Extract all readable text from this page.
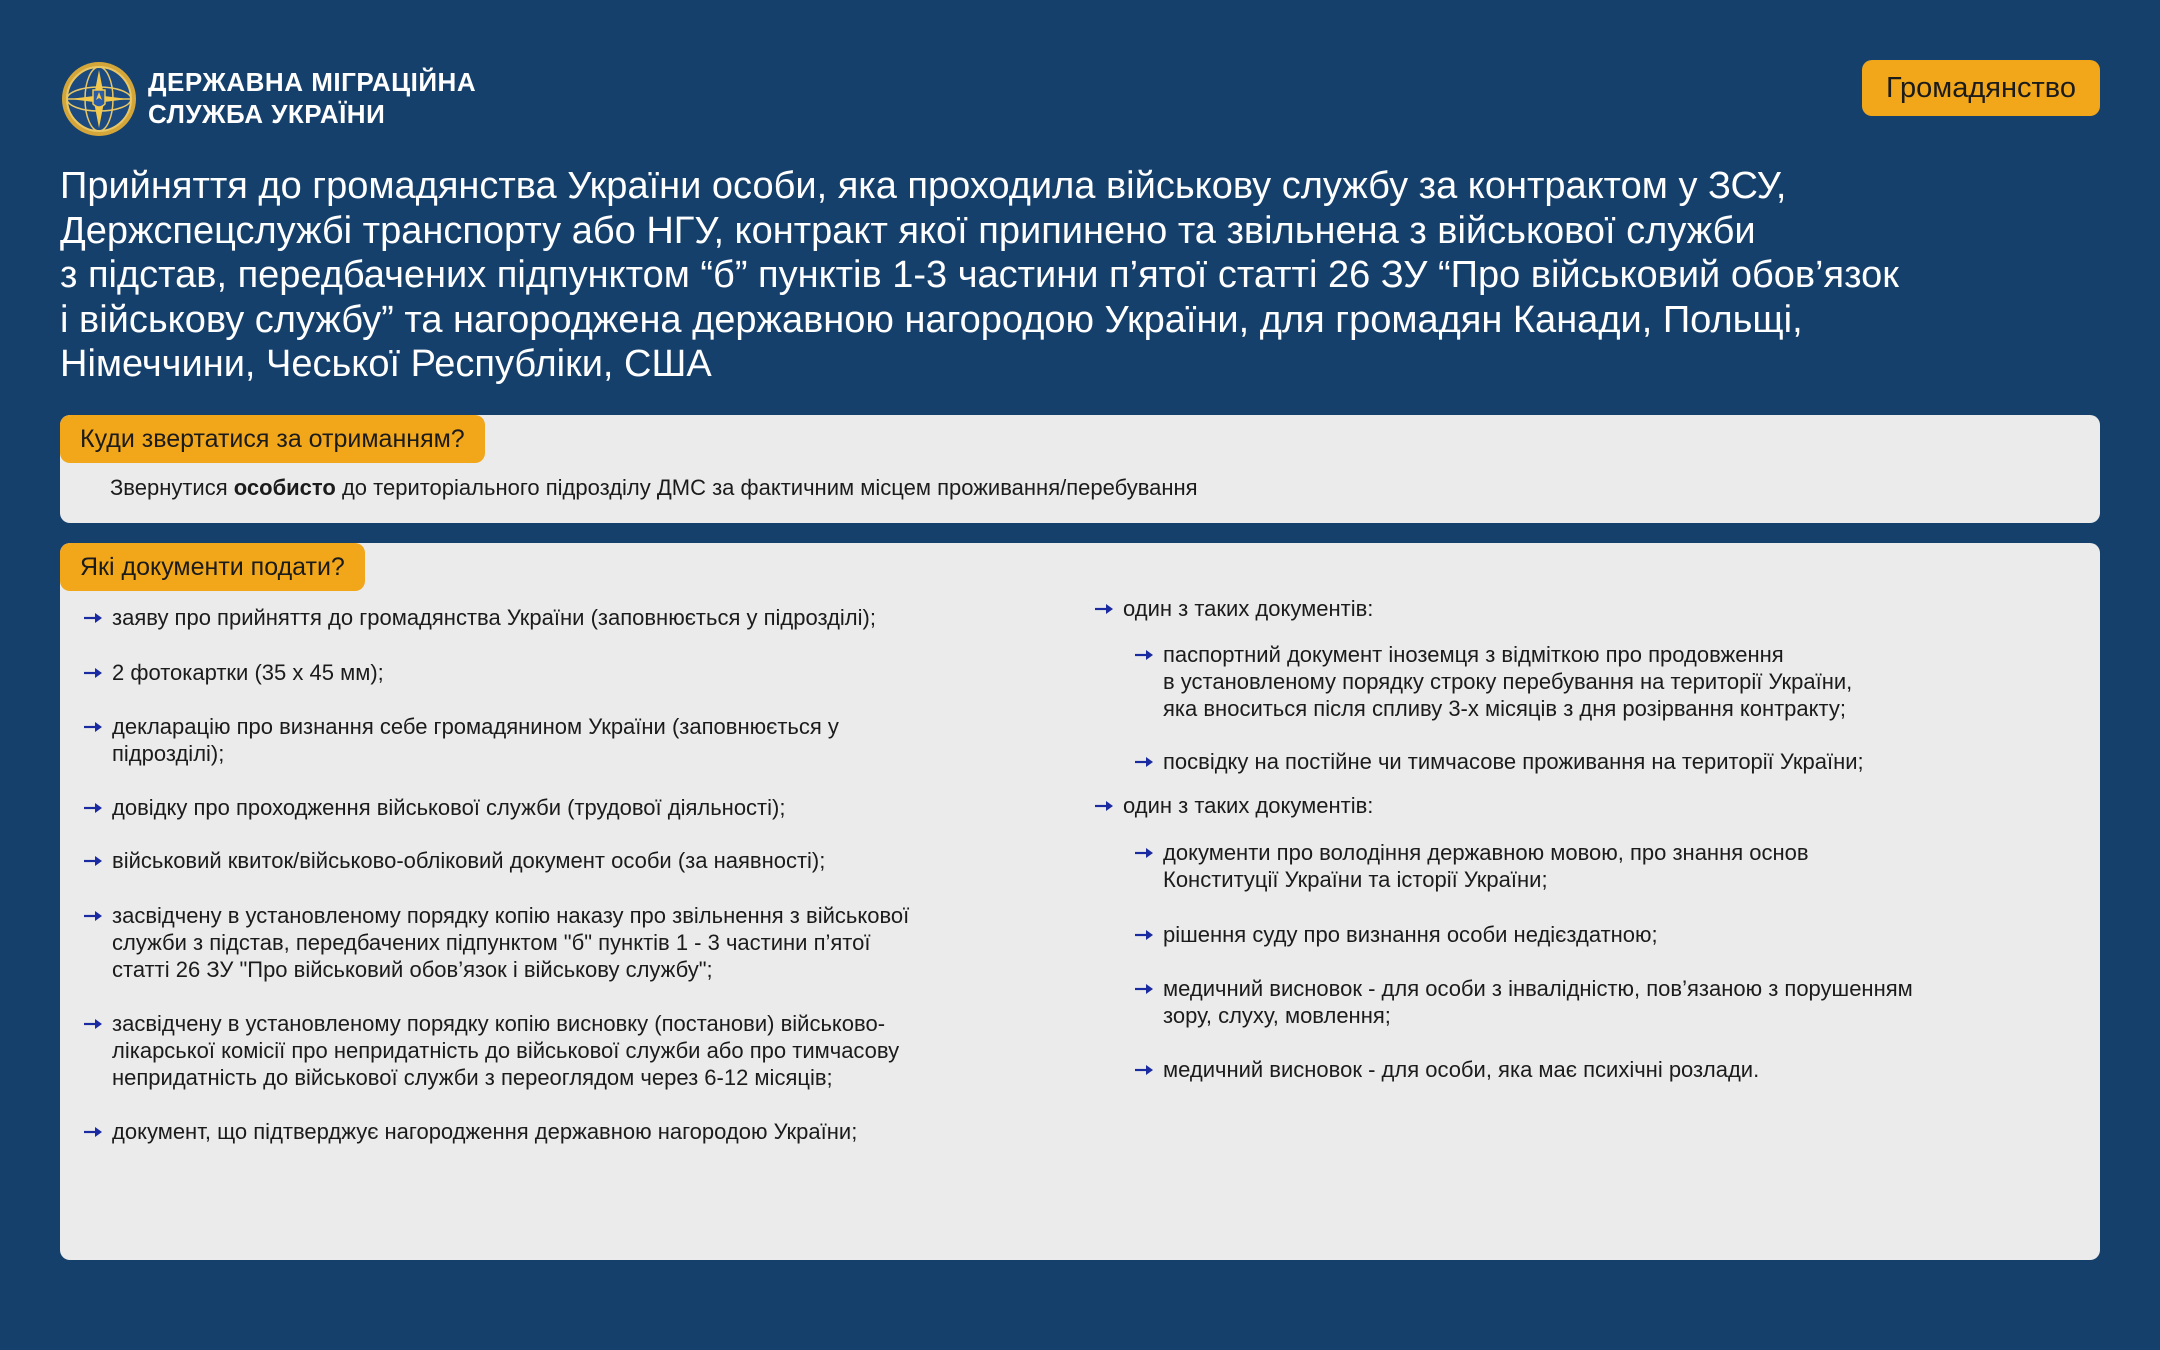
ДЕРЖАВНА МІГРАЦІЙНА
СЛУЖБА УКРАЇНИ
Громадянство
Прийняття до громадянства України особи, яка проходила військову службу за контрактом у ЗСУ,
Держспецслужбі транспорту або НГУ, контракт якої припинено та звільнена з військової служби
з підстав, передбачених підпунктом “б” пунктів 1-3 частини п’ятої статті 26 ЗУ “Про військовий обов’язок
і військову службу” та нагороджена державною нагородою України, для громадян Канади, Польщі,
Німеччини, Чеської Республіки, США
Куди звертатися за отриманням?
Звернутися особисто до територіального підрозділу ДМС за фактичним місцем проживання/перебування
Які документи подати?
заяву про прийняття до громадянства України (заповнюється у підрозділі);
2 фотокартки (35 х 45 мм);
декларацію про визнання себе громадянином України (заповнюється у
підрозділі);
довідку про проходження військової служби (трудової діяльності);
військовий квиток/військово-обліковий документ особи (за наявності);
засвідчену в установленому порядку копію наказу про звільнення з військової
служби з підстав, передбачених підпунктом "б" пунктів 1 - 3 частини п’ятої
статті 26 ЗУ "Про військовий обов’язок і військову службу";
засвідчену в установленому порядку копію висновку (постанови) військово-
лікарської комісії про непридатність до військової служби або про тимчасову
непридатність до військової служби з переоглядом через 6-12 місяців;
документ, що підтверджує нагородження державною нагородою України;
один з таких документів:
паспортний документ іноземця з відміткою про продовження
в установленому порядку строку перебування на території України,
яка вноситься після спливу 3-х місяців з дня розірвання контракту;
посвідку на постійне чи тимчасове проживання на території України;
один з таких документів:
документи про володіння державною мовою, про знання основ
Конституції України та історії України;
рішення суду про визнання особи недієздатною;
медичний висновок - для особи з інвалідністю, пов’язаною з порушенням
зору, слуху, мовлення;
медичний висновок - для особи, яка має психічні розлади.
